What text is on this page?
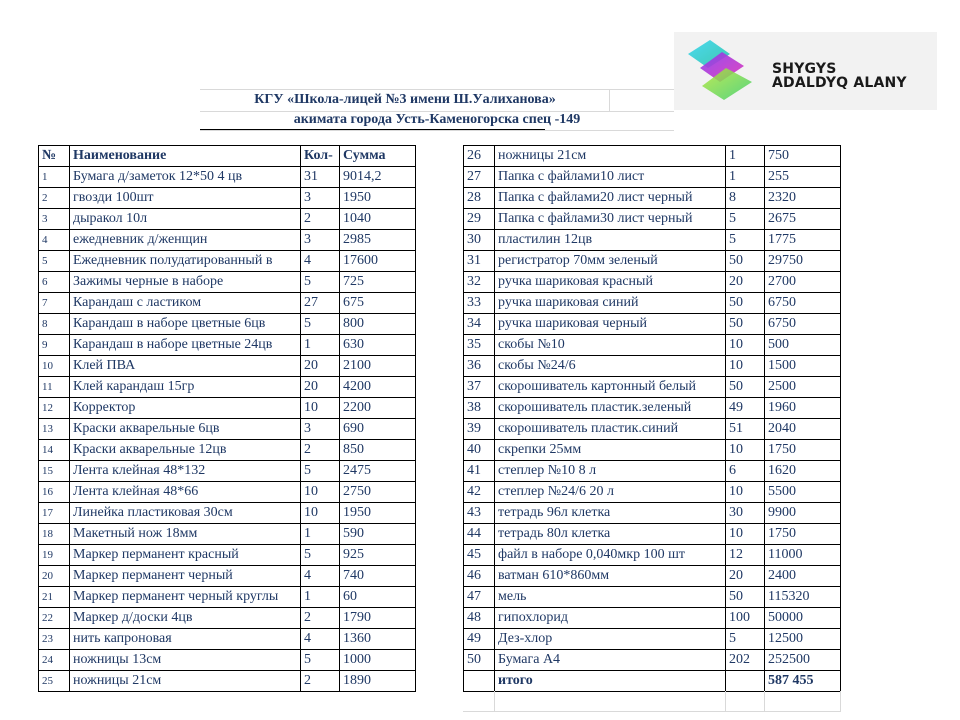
SHYGYS
ADALDYQ ALANY
КГУ «Школа-лицей №3 имени Ш.Уалиханова»
акимата города Усть-Каменогорска спец -149
№	Наименование	Кол-	Сумма
1	Бумага д/заметок 12*50 4 цв	31	9014,2
2	гвозди 100шт	3	1950
3	дыракол 10л	2	1040
4	ежедневник д/женщин	3	2985
5	Ежедневник полудатированный в	4	17600
6	Зажимы черные в наборе	5	725
7	Карандаш с ластиком	27	675
8	Карандаш в наборе цветные 6цв	5	800
9	Карандаш в наборе цветные 24цв	1	630
10	Клей ПВА	20	2100
11	Клей карандаш 15гр	20	4200
12	Корректор	10	2200
13	Краски акварельные 6цв	3	690
14	Краски акварельные 12цв	2	850
15	Лента клейная 48*132	5	2475
16	Лента клейная 48*66	10	2750
17	Линейка пластиковая 30см	10	1950
18	Макетный нож 18мм	1	590
19	Маркер перманент красный	5	925
20	Маркер перманент черный	4	740
21	Маркер перманент черный круглы	1	60
22	Маркер д/доски 4цв	2	1790
23	нить капроновая	4	1360
24	ножницы 13см	5	1000
25	ножницы 21см	2	1890
26	ножницы 21см	1	750
27	Папка с файлами10 лист	1	255
28	Папка с файлами20 лист черный	8	2320
29	Папка с файлами30 лист черный	5	2675
30	пластилин 12цв	5	1775
31	регистратор 70мм зеленый	50	29750
32	ручка шариковая красный	20	2700
33	ручка шариковая синий	50	6750
34	ручка шариковая черный	50	6750
35	скобы №10	10	500
36	скобы №24/6	10	1500
37	скорошиватель картонный белый	50	2500
38	скорошиватель пластик.зеленый	49	1960
39	скорошиватель пластик.синий	51	2040
40	скрепки 25мм	10	1750
41	степлер №10 8 л	6	1620
42	степлер №24/6 20 л	10	5500
43	тетрадь 96л клетка	30	9900
44	тетрадь 80л клетка	10	1750
45	файл в наборе 0,040мкр 100 шт	12	11000
46	ватман 610*860мм	20	2400
47	мель	50	115320
48	гипохлорид	100	50000
49	Дез-хлор	5	12500
50	Бумага А4	202	252500
	итого		587 455
